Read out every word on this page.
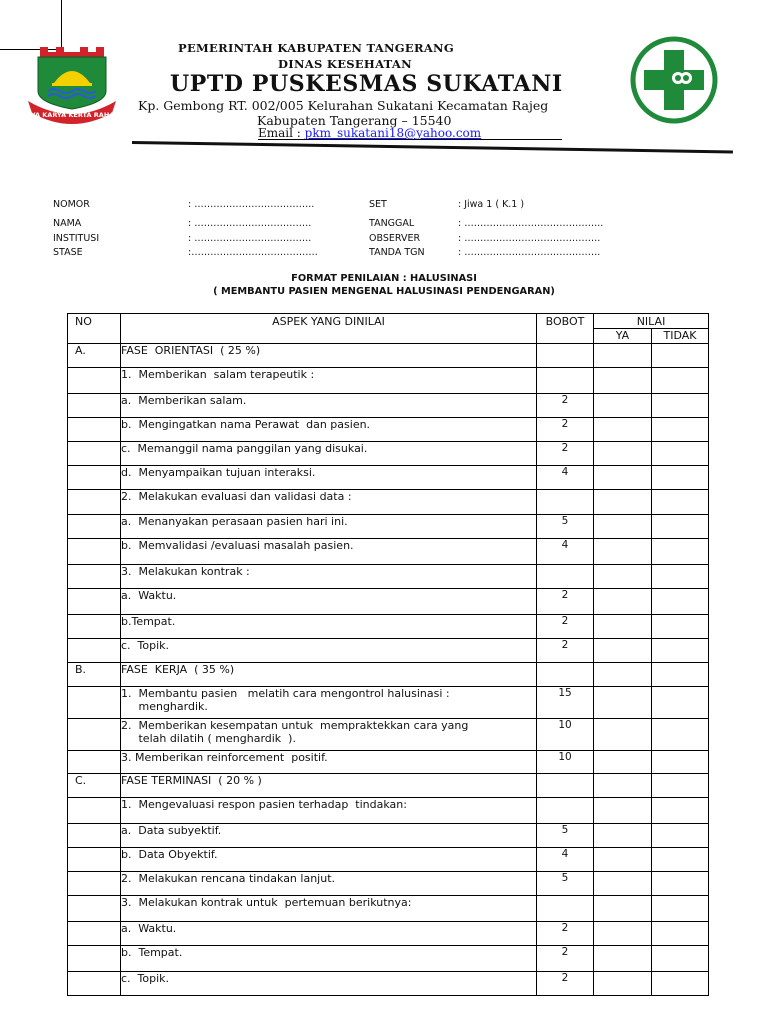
SATYA KARYA KERTA RAHARJA
PEMERINTAH KABUPATEN TANGERANG
DINAS KESEHATAN
UPTD PUSKESMAS SUKATANI
Kp. Gembong RT. 002/005 Kelurahan Sukatani Kecamatan Rajeg
Kabupaten Tangerang – 15540
Email : pkm_sukatani18@yahoo.com
NOMOR	: ………………………………..
NAMA	: ……………………………….
INSTITUSI	: ……………………………….
STASE	:………………………………….
SET	: Jiwa 1 ( K.1 )
TANGGAL	: ……………………………………..
OBSERVER	: …………………………………….
TANDA TGN	: …………………………………….
FORMAT PENILAIAN : HALUSINASI
( MEMBANTU PASIEN MENGENAL HALUSINASI PENDENGARAN)
NO	ASPEK YANG DINILAI	BOBOT	NILAI	
			YA	TIDAK
A.	FASE  ORIENTASI  ( 25 %)			

	1.  Memberikan  salam terapeutik :			

	a.  Memberikan salam.	2		

	b.  Mengingatkan nama Perawat  dan pasien.	2		

	c.  Memanggil nama panggilan yang disukai.	2		

	d.  Menyampaikan tujuan interaksi.	4		

	2.  Melakukan evaluasi dan validasi data :			

	a.  Menanyakan perasaan pasien hari ini.	5		

	b.  Memvalidasi /evaluasi masalah pasien.	4		

	3.  Melakukan kontrak :			

	a.  Waktu.	2		

	b.Tempat.	2		

	c.  Topik.	2		
B.	FASE  KERJA  ( 35 %)			

	1.  Membantu pasien   melatih cara mengontrol halusinasi :
menghardik.	15		

	2.  Memberikan kesempatan untuk  mempraktekkan cara yang
telah dilatih ( menghardik  ).	10		

	3. Memberikan reinforcement  positif.	10		
C.	FASE TERMINASI  ( 20 % )			

	1.  Mengevaluasi respon pasien terhadap  tindakan:			

	a.  Data subyektif.	5		

	b.  Data Obyektif.	4		

	2.  Melakukan rencana tindakan lanjut.	5		

	3.  Melakukan kontrak untuk  pertemuan berikutnya:			

	a.  Waktu.	2		

	b.  Tempat.	2		

	c.  Topik.	2		
